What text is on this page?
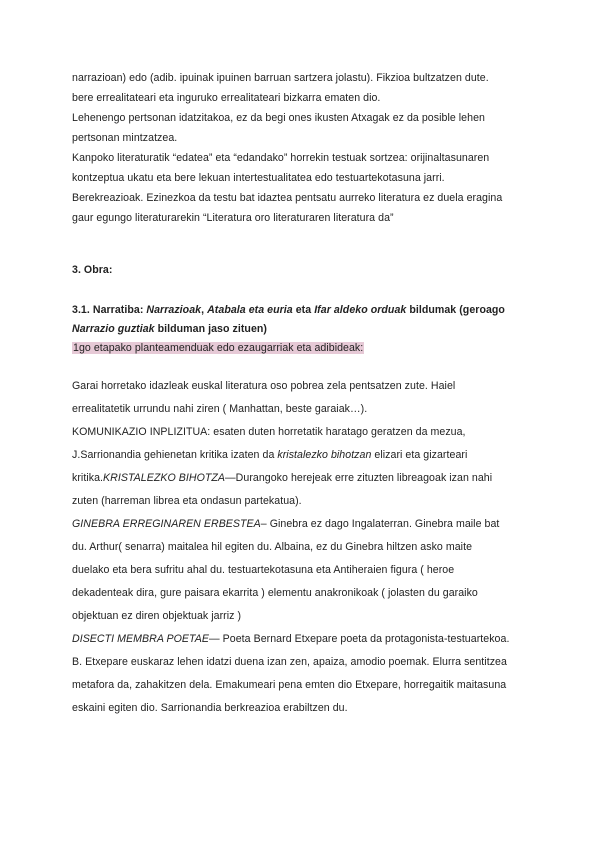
narrazioan) edo (adib. ipuinak ipuinen barruan sartzera jolastu). Fikzioa bultzatzen dute.
bere errealitateari eta inguruko errealitateari bizkarra ematen dio.
Lehenengo pertsonan idatzitakoa, ez da begi ones ikusten Atxagak ez da posible lehen
pertsonan mintzatzea.
Kanpoko literaturatik “edatea” eta “edandako” horrekin testuak sortzea: orijinaltasunaren
kontzeptua ukatu eta bere lekuan intertestualitatea edo testuartekotasuna jarri.
Berekreazioak. Ezinezkoa da testu bat idaztea pentsatu aurreko literatura ez duela eragina
gaur egungo literaturarekin “Literatura oro literaturaren literatura da”
3. Obra:
3.1. Narratiba: Narrazioak, Atabala eta euria eta Ifar aldeko orduak bildumak (geroago
Narrazio guztiak bilduman jaso zituen)
1go etapako planteamenduak edo ezaugarriak eta adibideak:
Garai horretako idazleak euskal literatura oso pobrea zela pentsatzen zute. Haiel
errealitatetik urrundu nahi ziren ( Manhattan, beste garaiak…).
KOMUNIKAZIO INPLIZITUA: esaten duten horretatik haratago geratzen da mezua,
J.Sarrionandia gehienetan kritika izaten da kristalezko bihotzan elizari eta gizarteari
kritika.KRISTALEZKO BIHOTZA—Durangoko herejeak erre zituzten libreagoak izan nahi
zuten (harreman librea eta ondasun partekatua).
GINEBRA ERREGINAREN ERBESTEA– Ginebra ez dago Ingalaterran. Ginebra maile bat
du. Arthur( senarra) maitalea hil egiten du. Albaina, ez du Ginebra hiltzen asko maite
duelako eta bera sufritu ahal du. testuartekotasuna eta Antiheraien figura ( heroe
dekadenteak dira, gure paisara ekarrita ) elementu anakronikoak ( jolasten du garaiko
objektuan ez diren objektuak jarriz )
DISECTI MEMBRA POETAE— Poeta Bernard Etxepare poeta da protagonista-testuartekoa.
B. Etxepare euskaraz lehen idatzi duena izan zen, apaiza, amodio poemak. Elurra sentitzea
metafora da, zahakitzen dela. Emakumeari pena emten dio Etxepare, horregaitik maitasuna
eskaini egiten dio. Sarrionandia berkreazioa erabiltzen du.
